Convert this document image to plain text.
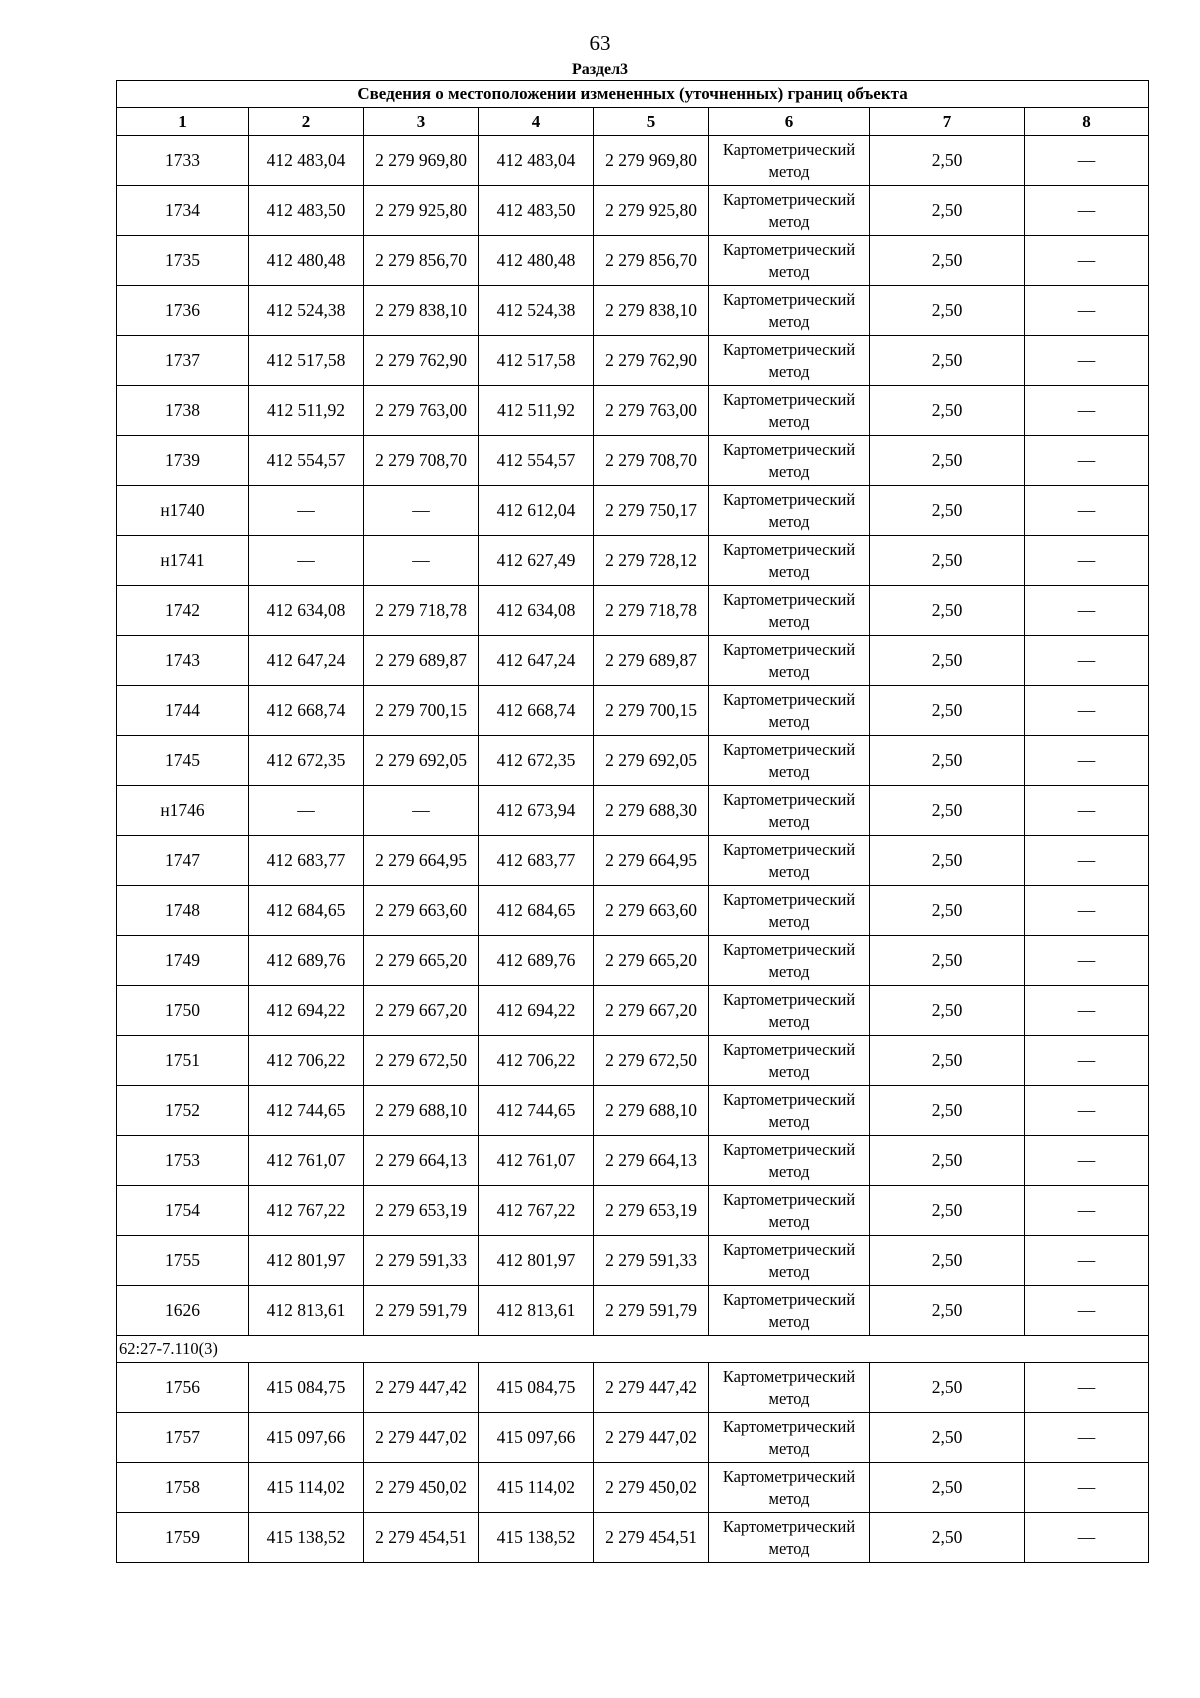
63
Раздел3
Сведения о местоположении измененных (уточненных) границ объекта							
1	2	3	4	5	6	7	8
1733	412 483,04	2 279 969,80	412 483,04	2 279 969,80	Картометрический метод	2,50	—
1734	412 483,50	2 279 925,80	412 483,50	2 279 925,80	Картометрический метод	2,50	—
1735	412 480,48	2 279 856,70	412 480,48	2 279 856,70	Картометрический метод	2,50	—
1736	412 524,38	2 279 838,10	412 524,38	2 279 838,10	Картометрический метод	2,50	—
1737	412 517,58	2 279 762,90	412 517,58	2 279 762,90	Картометрический метод	2,50	—
1738	412 511,92	2 279 763,00	412 511,92	2 279 763,00	Картометрический метод	2,50	—
1739	412 554,57	2 279 708,70	412 554,57	2 279 708,70	Картометрический метод	2,50	—
н1740	—	—	412 612,04	2 279 750,17	Картометрический метод	2,50	—
н1741	—	—	412 627,49	2 279 728,12	Картометрический метод	2,50	—
1742	412 634,08	2 279 718,78	412 634,08	2 279 718,78	Картометрический метод	2,50	—
1743	412 647,24	2 279 689,87	412 647,24	2 279 689,87	Картометрический метод	2,50	—
1744	412 668,74	2 279 700,15	412 668,74	2 279 700,15	Картометрический метод	2,50	—
1745	412 672,35	2 279 692,05	412 672,35	2 279 692,05	Картометрический метод	2,50	—
н1746	—	—	412 673,94	2 279 688,30	Картометрический метод	2,50	—
1747	412 683,77	2 279 664,95	412 683,77	2 279 664,95	Картометрический метод	2,50	—
1748	412 684,65	2 279 663,60	412 684,65	2 279 663,60	Картометрический метод	2,50	—
1749	412 689,76	2 279 665,20	412 689,76	2 279 665,20	Картометрический метод	2,50	—
1750	412 694,22	2 279 667,20	412 694,22	2 279 667,20	Картометрический метод	2,50	—
1751	412 706,22	2 279 672,50	412 706,22	2 279 672,50	Картометрический метод	2,50	—
1752	412 744,65	2 279 688,10	412 744,65	2 279 688,10	Картометрический метод	2,50	—
1753	412 761,07	2 279 664,13	412 761,07	2 279 664,13	Картометрический метод	2,50	—
1754	412 767,22	2 279 653,19	412 767,22	2 279 653,19	Картометрический метод	2,50	—
1755	412 801,97	2 279 591,33	412 801,97	2 279 591,33	Картометрический метод	2,50	—
1626	412 813,61	2 279 591,79	412 813,61	2 279 591,79	Картометрический метод	2,50	—
62:27-7.110(3)							
1756	415 084,75	2 279 447,42	415 084,75	2 279 447,42	Картометрический метод	2,50	—
1757	415 097,66	2 279 447,02	415 097,66	2 279 447,02	Картометрический метод	2,50	—
1758	415 114,02	2 279 450,02	415 114,02	2 279 450,02	Картометрический метод	2,50	—
1759	415 138,52	2 279 454,51	415 138,52	2 279 454,51	Картометрический метод	2,50	—
